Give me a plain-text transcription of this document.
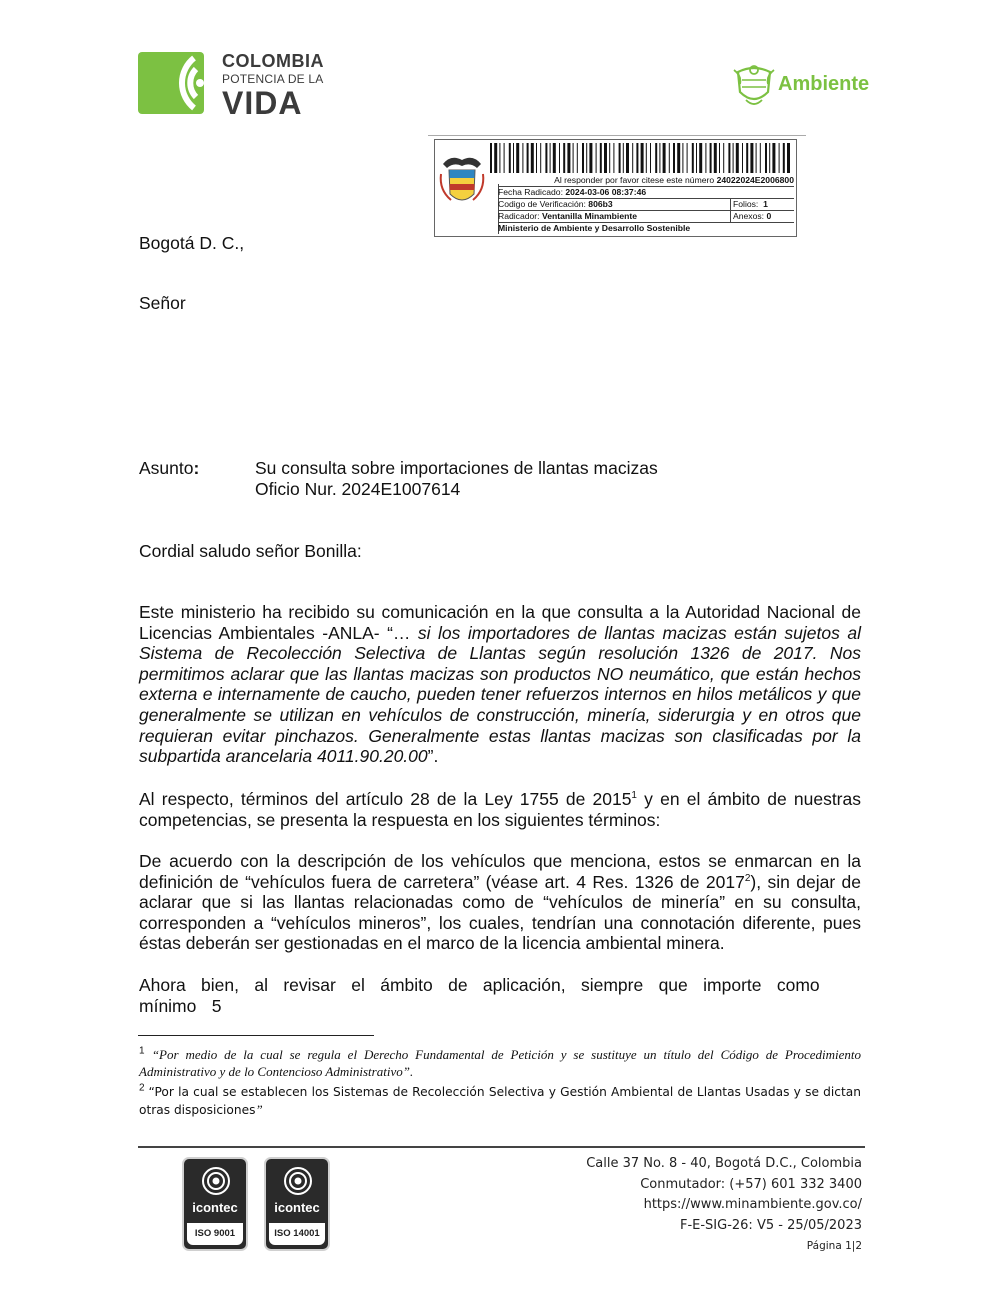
COLOMBIA
POTENCIA DE LA
VIDA
Ambiente
Al responder por favor citese este número 24022024E2006800
Fecha Radicado: 2024-03-06 08:37:46
Codigo de Verificación: 806b3	Folios: 1
Radicador: Ventanilla Minambiente	Anexos: 0
Ministerio de Ambiente y Desarrollo Sostenible
Bogotá D. C.,
Señor
Asunto:	Su consulta sobre importaciones de llantas macizas
Oficio Nur. 2024E1007614
Cordial saludo señor Bonilla:
Este ministerio ha recibido su comunicación en la que consulta a la Autoridad Nacional de Licencias Ambientales -ANLA- “… si los importadores de llantas macizas están sujetos al Sistema de Recolección Selectiva de Llantas según resolución 1326 de 2017. Nos permitimos aclarar que las llantas macizas son productos NO neumático, que están hechos externa e internamente de caucho, pueden tener refuerzos internos en hilos metálicos y que generalmente se utilizan en vehículos de construcción, minería, siderurgia y en otros que requieran evitar pinchazos. Generalmente estas llantas macizas son clasificadas por la subpartida arancelaria 4011.90.20.00”.
Al respecto, términos del artículo 28 de la Ley 1755 de 2015$^1$ y en el ámbito de nuestras competencias, se presenta la respuesta en los siguientes términos:
De acuerdo con la descripción de los vehículos que menciona, estos se enmarcan en la definición de “vehículos fuera de carretera” (véase art. 4 Res. 1326 de 2017$^2$), sin dejar de aclarar que si las llantas relacionadas como de “vehículos de minería” en su consulta, corresponden a “vehículos mineros”, los cuales, tendrían una connotación diferente, pues éstas deberán ser gestionadas en el marco de la licencia ambiental minera.
Ahora bien, al revisar el ámbito de aplicación, siempre que importe como mínimo 5
$^1$ “Por medio de la cual se regula el Derecho Fundamental de Petición y se sustituye un título del Código de Procedimiento Administrativo y de lo Contencioso Administrativo”.
$^2$ “Por la cual se establecen los Sistemas de Recolección Selectiva y Gestión Ambiental de Llantas Usadas y se dictan otras disposiciones”
icontec
ISO 9001
icontec
ISO 14001
Calle 37 No. 8 - 40, Bogotá D.C., Colombia
Conmutador: (+57) 601 332 3400
https://www.minambiente.gov.co/
F-E-SIG-26: V5 - 25/05/2023
Página 1|2
